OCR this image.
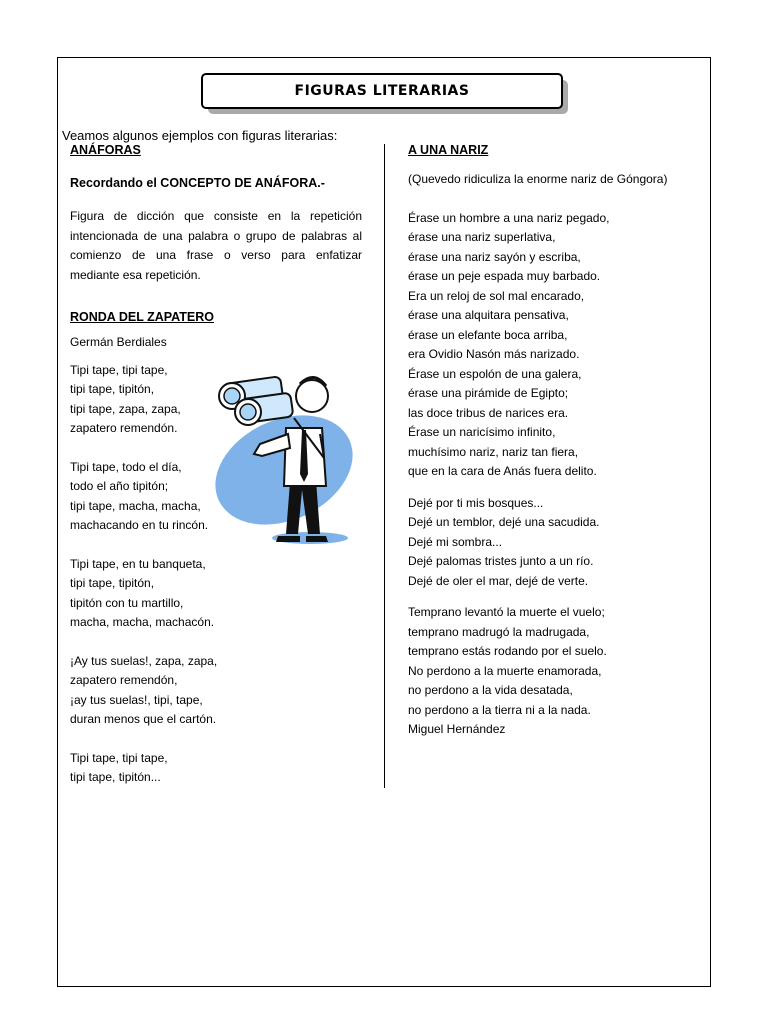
FIGURAS LITERARIAS
Veamos algunos ejemplos con figuras literarias:

ANÁFORAS

Recordando el CONCEPTO DE ANÁFORA.-

Figura de dicción que consiste en la repetición intencionada de una palabra o grupo de palabras al comienzo de una frase o verso para enfatizar mediante esa repetición.

RONDA DEL ZAPATERO

Germán Berdiales
Tipi tape, tipi tape,
tipi tape, tipitón,
tipi tape, zapa, zapa,
zapatero remendón.
Tipi tape, todo el día,
todo el año tipitón;
tipi tape, macha, macha,
machacando en tu rincón.
Tipi tape, en tu banqueta,
tipi tape, tipitón,
tipitón con tu martillo,
macha, macha, machacón.
¡Ay tus suelas!, zapa, zapa,
zapatero remendón,
¡ay tus suelas!, tipi, tape,
duran menos que el cartón.
Tipi tape, tipi tape,
tipi tape, tipitón...

A UNA NARIZ

(Quevedo ridiculiza la enorme nariz de Góngora)
Érase un hombre a una nariz pegado,
érase una nariz superlativa,
érase una nariz sayón y escriba,
érase un peje espada muy barbado.
Era un reloj de sol mal encarado,
érase una alquitara pensativa,
érase un elefante boca arriba,
era Ovidio Nasón más narizado.
Érase un espolón de una galera,
érase una pirámide de Egipto;
las doce tribus de narices era.
Érase un naricísimo infinito,
muchísimo nariz, nariz tan fiera,
que en la cara de Anás fuera delito.
Dejé por ti mis bosques...
Dejé un temblor, dejé una sacudida.
Dejé mi sombra...
Dejé palomas tristes junto a un río.
Dejé de oler el mar, dejé de verte.
Temprano levantó la muerte el vuelo;
temprano madrugó la madrugada,
temprano estás rodando por el suelo.
No perdono a la muerte enamorada,
no perdono a la vida desatada,
no perdono a la tierra ni a la nada.
Miguel Hernández
